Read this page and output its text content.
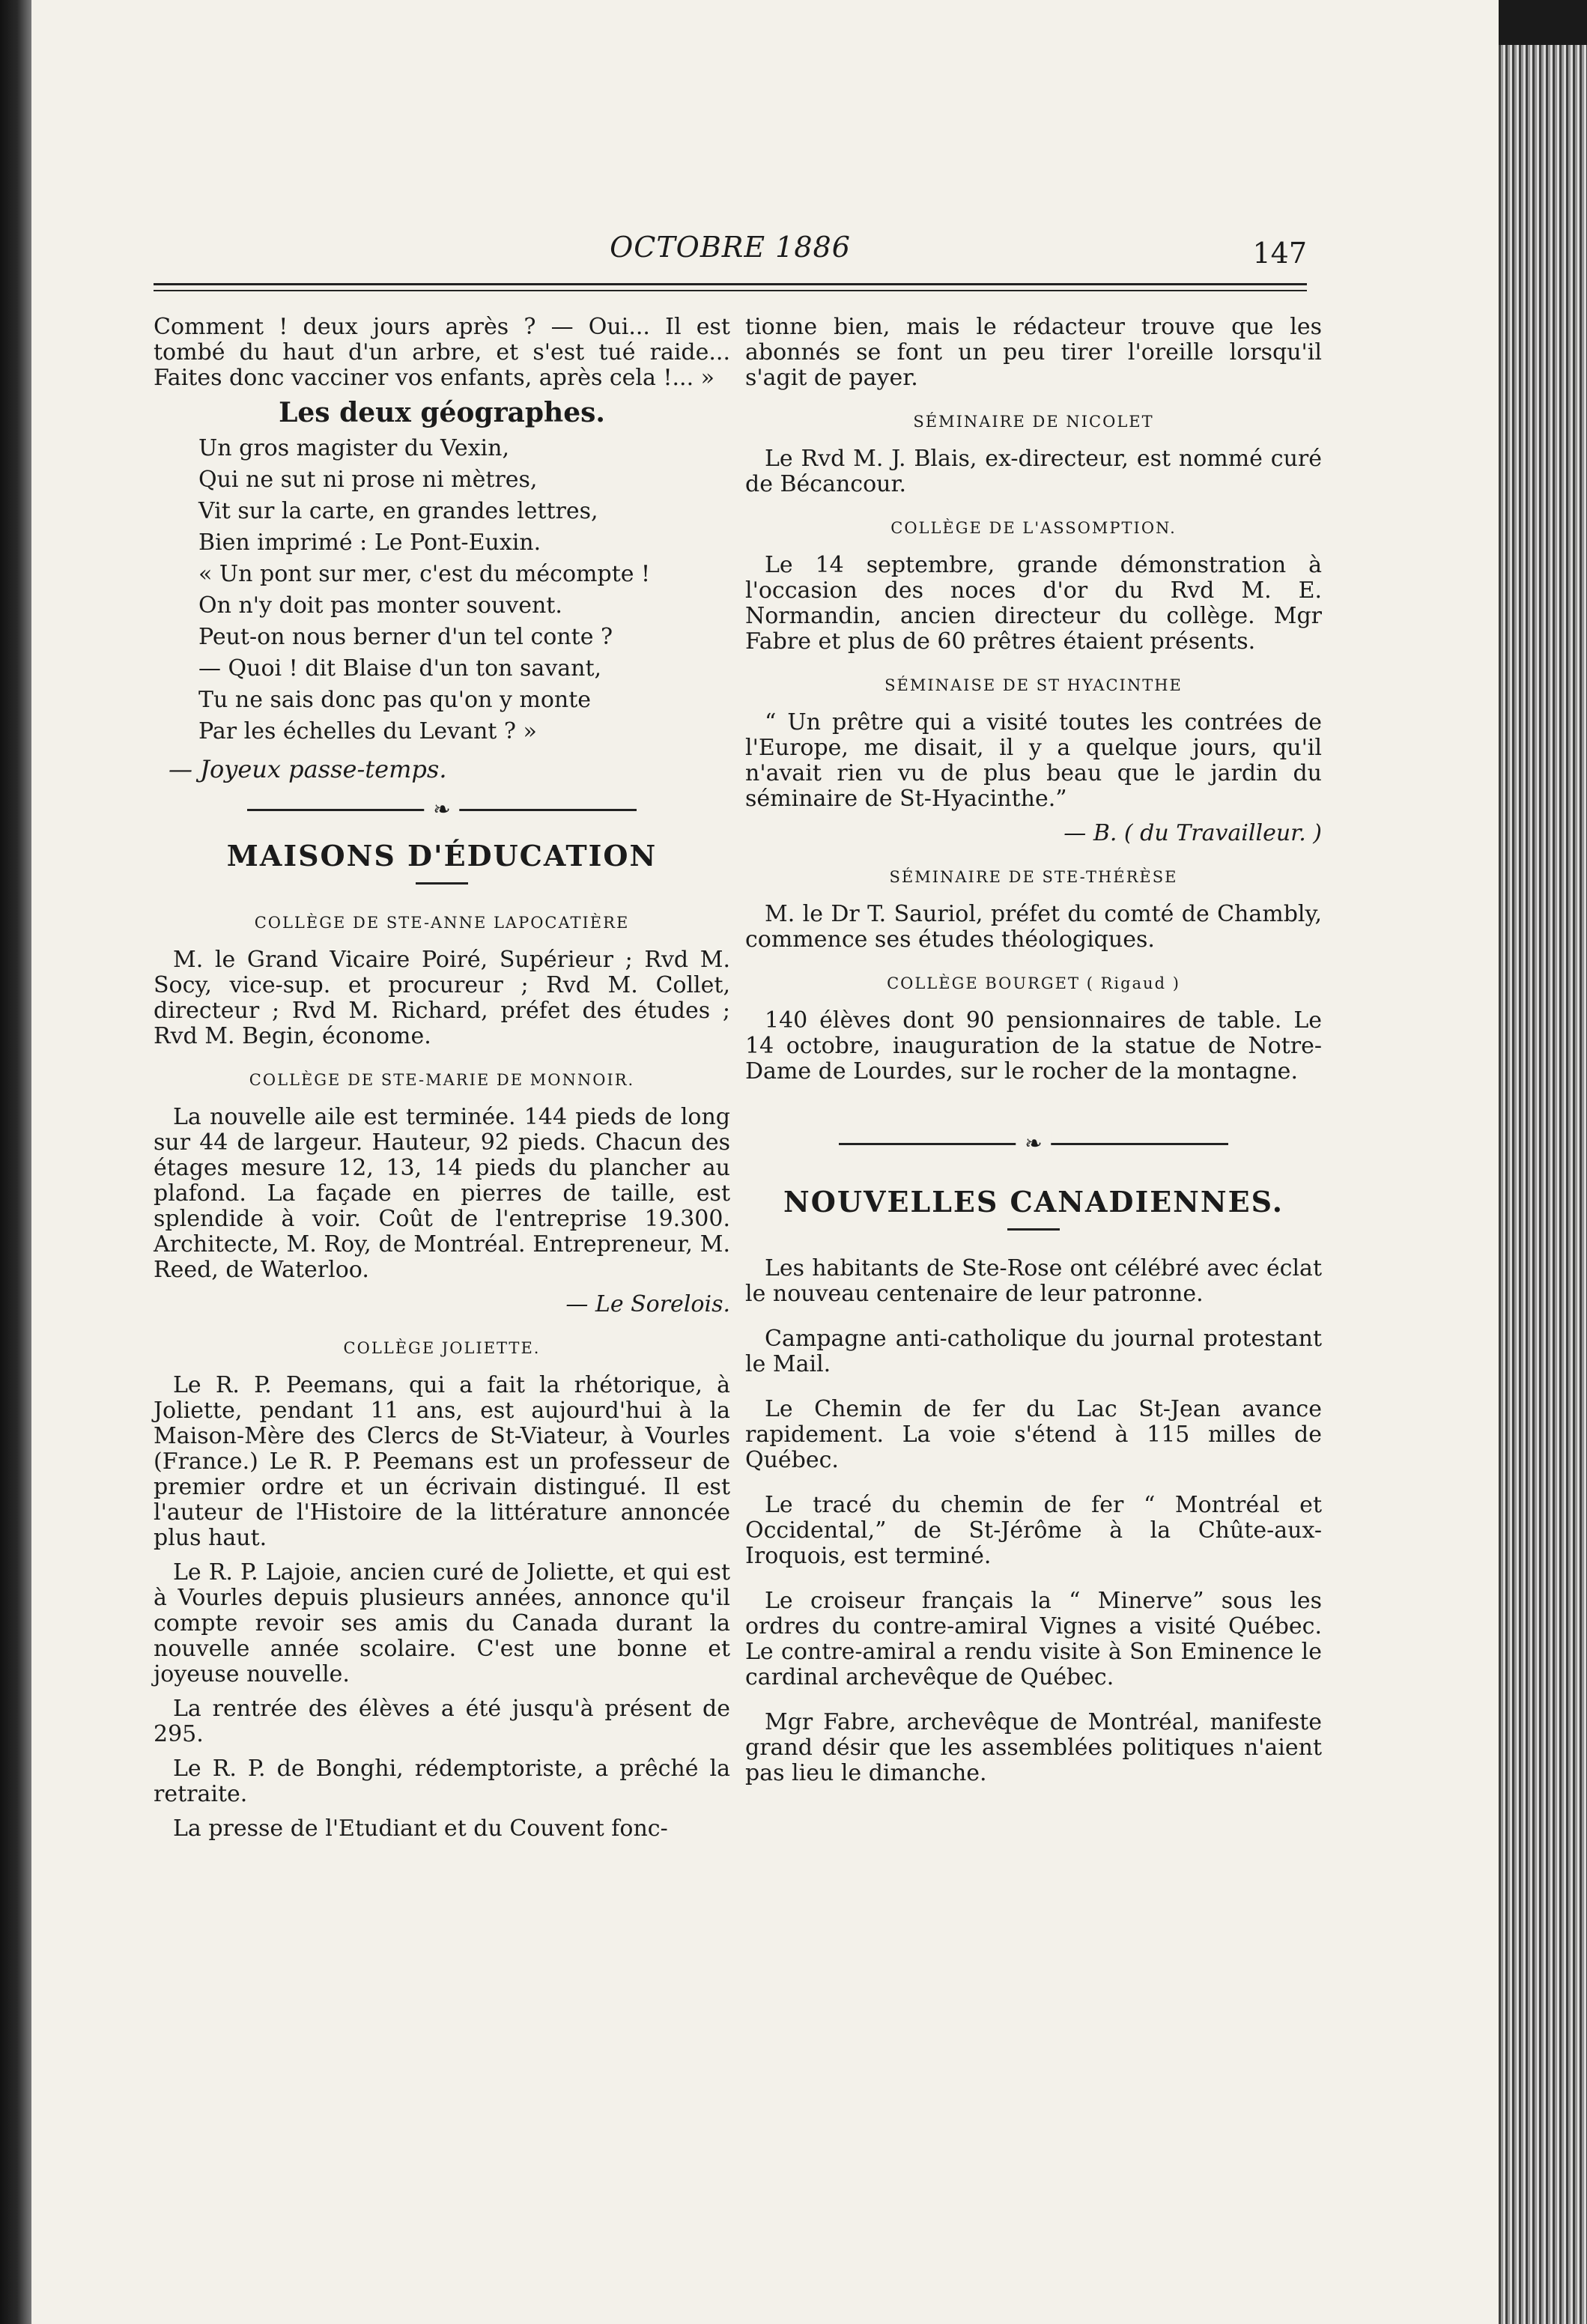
OCTOBRE 1886	147

Comment ! deux jours après ? — Oui... Il est tombé du haut d'un arbre, et s'est tué raide... Faites donc vacciner vos enfants, après cela !... »

Les deux géographes.
Un gros magister du Vexin,
Qui ne sut ni prose ni mètres,
Vit sur la carte, en grandes lettres,
Bien imprimé : Le Pont-Euxin.
« Un pont sur mer, c'est du mécompte !
On n'y doit pas monter souvent.
Peut-on nous berner d'un tel conte ?
— Quoi ! dit Blaise d'un ton savant,
Tu ne sais donc pas qu'on y monte
Par les échelles du Levant ? »
— Joyeux passe-temps.
❧
MAISONS D'ÉDUCATION
COLLÈGE DE STE-ANNE LAPOCATIÈRE

M. le Grand Vicaire Poiré, Supérieur ; Rvd M. Socy, vice-sup. et procureur ; Rvd M. Collet, directeur ; Rvd M. Richard, préfet des études ; Rvd M. Begin, économe.

COLLÈGE DE STE-MARIE DE MONNOIR.

La nouvelle aile est terminée. 144 pieds de long sur 44 de largeur. Hauteur, 92 pieds. Chacun des étages mesure 12, 13, 14 pieds du plancher au plafond. La façade en pierres de taille, est splendide à voir. Coût de l'entreprise 19.300. Architecte, M. Roy, de Montréal. Entrepreneur, M. Reed, de Waterloo.

— Le Sorelois.
COLLÈGE JOLIETTE.

Le R. P. Peemans, qui a fait la rhétorique, à Joliette, pendant 11 ans, est aujourd'hui à la Maison-Mère des Clercs de St-Viateur, à Vourles (France.) Le R. P. Peemans est un professeur de premier ordre et un écrivain distingué. Il est l'auteur de l'Histoire de la littérature annoncée plus haut.

Le R. P. Lajoie, ancien curé de Joliette, et qui est à Vourles depuis plusieurs années, annonce qu'il compte revoir ses amis du Canada durant la nouvelle année scolaire. C'est une bonne et joyeuse nouvelle.

La rentrée des élèves a été jusqu'à présent de 295.

Le R. P. de Bonghi, rédemptoriste, a prêché la retraite.

La presse de l'Etudiant et du Couvent fonc-

tionne bien, mais le rédacteur trouve que les abonnés se font un peu tirer l'oreille lorsqu'il s'agit de payer.

SÉMINAIRE DE NICOLET

Le Rvd M. J. Blais, ex-directeur, est nommé curé de Bécancour.

COLLÈGE DE L'ASSOMPTION.

Le 14 septembre, grande démonstration à l'occasion des noces d'or du Rvd M. E. Normandin, ancien directeur du collège. Mgr Fabre et plus de 60 prêtres étaient présents.

SÉMINAISE DE ST HYACINTHE

“ Un prêtre qui a visité toutes les contrées de l'Europe, me disait, il y a quelque jours, qu'il n'avait rien vu de plus beau que le jardin du séminaire de St-Hyacinthe.”

— B. ( du Travailleur. )
SÉMINAIRE DE STE-THÉRÈSE

M. le Dr T. Sauriol, préfet du comté de Chambly, commence ses études théologiques.

COLLÈGE BOURGET ( Rigaud )

140 élèves dont 90 pensionnaires de table. Le 14 octobre, inauguration de la statue de Notre-Dame de Lourdes, sur le rocher de la montagne.

❧
NOUVELLES CANADIENNES.

Les habitants de Ste-Rose ont célébré avec éclat le nouveau centenaire de leur patronne.

Campagne anti-catholique du journal protestant le Mail.

Le Chemin de fer du Lac St-Jean avance rapidement. La voie s'étend à 115 milles de Québec.

Le tracé du chemin de fer “ Montréal et Occidental,” de St-Jérôme à la Chûte-aux-Iroquois, est terminé.

Le croiseur français la “ Minerve” sous les ordres du contre-amiral Vignes a visité Québec. Le contre-amiral a rendu visite à Son Eminence le cardinal archevêque de Québec.

Mgr Fabre, archevêque de Montréal, manifeste grand désir que les assemblées politiques n'aient pas lieu le dimanche.
